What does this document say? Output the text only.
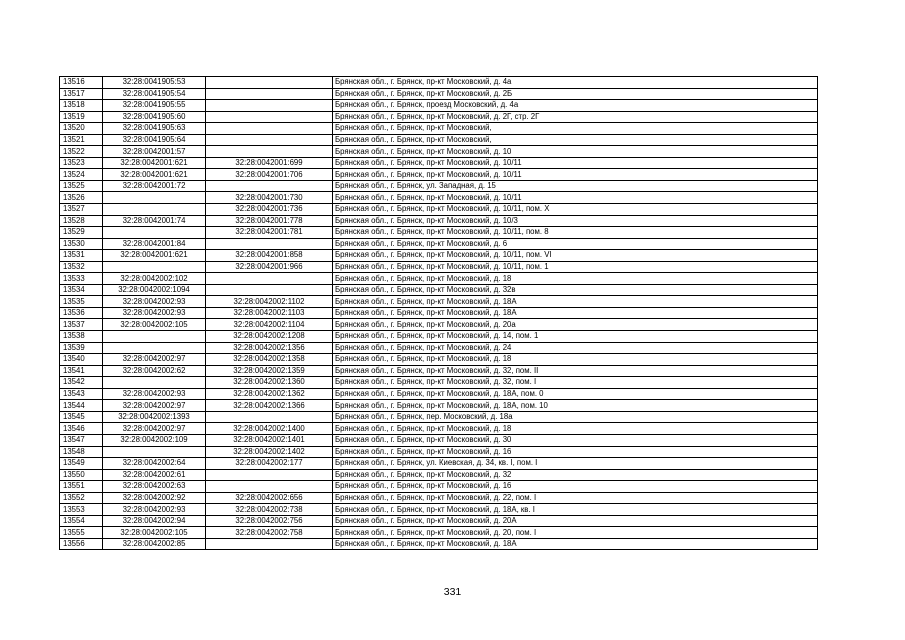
13516	32:28:0041905:53		Брянская обл., г. Брянск, пр-кт Московский, д. 4а
13517	32:28:0041905:54		Брянская обл., г. Брянск, пр-кт Московский, д. 2Б
13518	32:28:0041905:55		Брянская обл., г. Брянск, проезд Московский, д. 4а
13519	32:28:0041905:60		Брянская обл., г. Брянск, пр-кт Московский, д. 2Г, стр. 2Г
13520	32:28:0041905:63		Брянская обл., г. Брянск, пр-кт Московский,
13521	32:28:0041905:64		Брянская обл., г. Брянск, пр-кт Московский,
13522	32:28:0042001:57		Брянская обл., г. Брянск, пр-кт Московский, д. 10
13523	32:28:0042001:621	32:28:0042001:699	Брянская обл., г. Брянск, пр-кт Московский, д. 10/11
13524	32:28:0042001:621	32:28:0042001:706	Брянская обл., г. Брянск, пр-кт Московский, д. 10/11
13525	32:28:0042001:72		Брянская обл., г. Брянск, ул. Западная, д. 15
13526		32:28:0042001:730	Брянская обл., г. Брянск, пр-кт Московский, д. 10/11
13527		32:28:0042001:736	Брянская обл., г. Брянск, пр-кт Московский, д. 10/11, пом. X
13528	32:28:0042001:74	32:28:0042001:778	Брянская обл., г. Брянск, пр-кт Московский, д. 10/3
13529		32:28:0042001:781	Брянская обл., г. Брянск, пр-кт Московский, д. 10/11, пом. 8
13530	32:28:0042001:84		Брянская обл., г. Брянск, пр-кт Московский, д. 6
13531	32:28:0042001:621	32:28:0042001:858	Брянская обл., г. Брянск, пр-кт Московский, д. 10/11, пом. VI
13532		32:28:0042001:966	Брянская обл., г. Брянск, пр-кт Московский, д. 10/11, пом. 1
13533	32:28:0042002:102		Брянская обл., г. Брянск, пр-кт Московский, д. 18
13534	32:28:0042002:1094		Брянская обл., г. Брянск, пр-кт Московский, д. 32в
13535	32:28:0042002:93	32:28:0042002:1102	Брянская обл., г. Брянск, пр-кт Московский, д. 18А
13536	32:28:0042002:93	32:28:0042002:1103	Брянская обл., г. Брянск, пр-кт Московский, д. 18А
13537	32:28:0042002:105	32:28:0042002:1104	Брянская обл., г. Брянск, пр-кт Московский, д. 20а
13538		32:28:0042002:1208	Брянская обл., г. Брянск, пр-кт Московский, д. 14, пом. 1
13539		32:28:0042002:1356	Брянская обл., г. Брянск, пр-кт Московский, д. 24
13540	32:28:0042002:97	32:28:0042002:1358	Брянская обл., г. Брянск, пр-кт Московский, д. 18
13541	32:28:0042002:62	32:28:0042002:1359	Брянская обл., г. Брянск, пр-кт Московский, д. 32, пом. II
13542		32:28:0042002:1360	Брянская обл., г. Брянск, пр-кт Московский, д. 32, пом. I
13543	32:28:0042002:93	32:28:0042002:1362	Брянская обл., г. Брянск, пр-кт Московский, д. 18А, пом. 0
13544	32:28:0042002:97	32:28:0042002:1366	Брянская обл., г. Брянск, пр-кт Московский, д. 18А, пом. 10
13545	32:28:0042002:1393		Брянская обл., г. Брянск, пер. Московский, д. 18а
13546	32:28:0042002:97	32:28:0042002:1400	Брянская обл., г. Брянск, пр-кт Московский, д. 18
13547	32:28:0042002:109	32:28:0042002:1401	Брянская обл., г. Брянск, пр-кт Московский, д. 30
13548		32:28:0042002:1402	Брянская обл., г. Брянск, пр-кт Московский, д. 16
13549	32:28:0042002:64	32:28:0042002:177	Брянская обл., г. Брянск, ул. Киевская, д. 34, кв. I, пом. I
13550	32:28:0042002:61		Брянская обл., г. Брянск, пр-кт Московский, д. 32
13551	32:28:0042002:63		Брянская обл., г. Брянск, пр-кт Московский, д. 16
13552	32:28:0042002:92	32:28:0042002:656	Брянская обл., г. Брянск, пр-кт Московский, д. 22, пом. I
13553	32:28:0042002:93	32:28:0042002:738	Брянская обл., г. Брянск, пр-кт Московский, д. 18А, кв. I
13554	32:28:0042002:94	32:28:0042002:756	Брянская обл., г. Брянск, пр-кт Московский, д. 20А
13555	32:28:0042002:105	32:28:0042002:758	Брянская обл., г. Брянск, пр-кт Московский, д. 20, пом. I
13556	32:28:0042002:85		Брянская обл., г. Брянск, пр-кт Московский, д. 18А
331
